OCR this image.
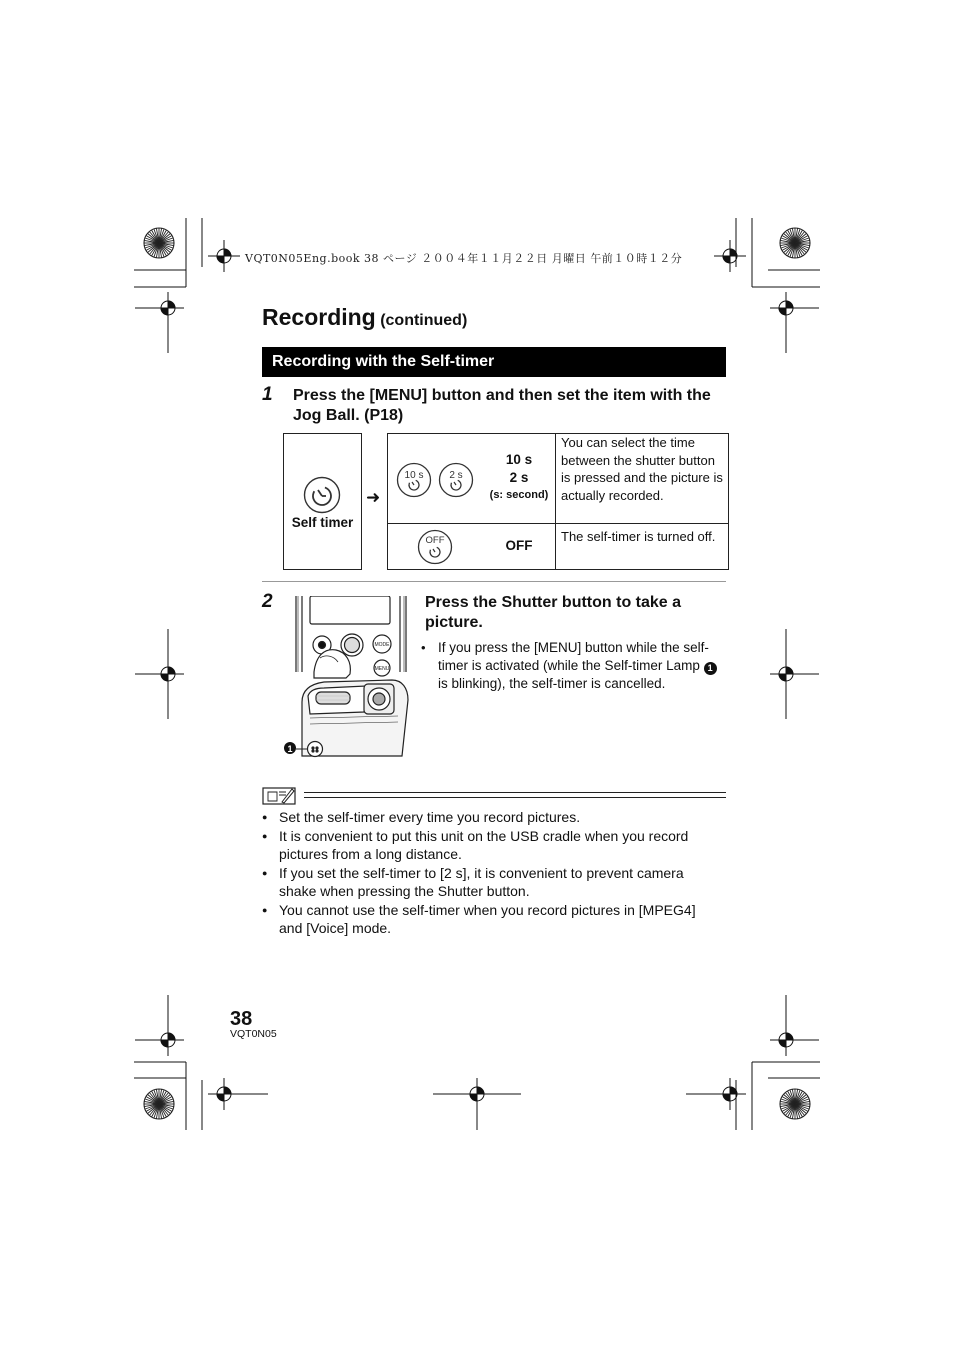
VQT0N05Eng.book 38 ページ ２００４年１１月２２日 月曜日 午前１０時１２分
Recording (continued)
Recording with the Self-timer
1 Press the [MENU] button and then set the item with the Jog Ball. (P18)
Self timer
➜
10 s	2 s
10 s
2 s
(s: second)
You can select the time between the shutter button is pressed and the picture is actually recorded.
OFF	OFF
The self-timer is turned off.
2
MODE
MENU
1
Press the Shutter button to take a picture.
• If you press the [MENU] button while the self-timer is activated (while the Self-timer Lamp 1 is blinking), the self-timer is cancelled.
● Set the self-timer every time you record pictures.
● It is convenient to put this unit on the USB cradle when you record pictures from a long distance.
● If you set the self-timer to [2 s], it is convenient to prevent camera shake when pressing the Shutter button.
● You cannot use the self-timer when you record pictures in [MPEG4] and [Voice] mode.
38
VQT0N05
